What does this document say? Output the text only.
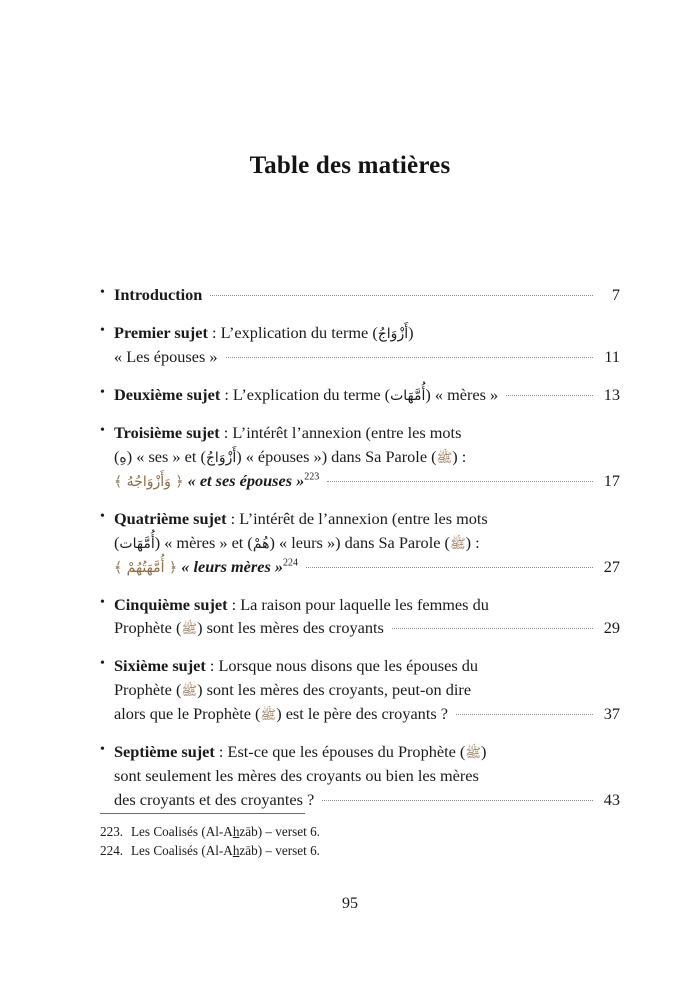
Table des matières
• Introduction	7
• Premier sujet : L’explication du terme (أَزْوَاجُ)
« Les épouses »	11
• Deuxième sujet : L’explication du terme (أُمَّهَات) « mères »	13
• Troisième sujet : L’intérêt l’annexion (entre les mots
(هِ) « ses » et (أَزْوَاجُ) « épouses ») dans Sa Parole (ﷺ) :
﴿ وَأَزْوَاجُهُ ﴾ « et ses épouses »$^{223}$	17
• Quatrième sujet : L’intérêt de l’annexion (entre les mots
(أُمَّهَات) « mères » et (هُمْ) « leurs ») dans Sa Parole (ﷺ) :
﴿ أُمَّهَتُهُمْ ﴾ « leurs mères »$^{224}$	27
• Cinquième sujet : La raison pour laquelle les femmes du
Prophète (ﷺ) sont les mères des croyants	29
• Sixième sujet : Lorsque nous disons que les épouses du
Prophète (ﷺ) sont les mères des croyants, peut-on dire
alors que le Prophète (ﷺ) est le père des croyants ?	37
• Septième sujet : Est-ce que les épouses du Prophète (ﷺ)
sont seulement les mères des croyants ou bien les mères
des croyants et des croyantes ?	43
223. Les Coalisés (Al-Ahzāb) – verset 6.
224. Les Coalisés (Al-Ahzāb) – verset 6.
95
